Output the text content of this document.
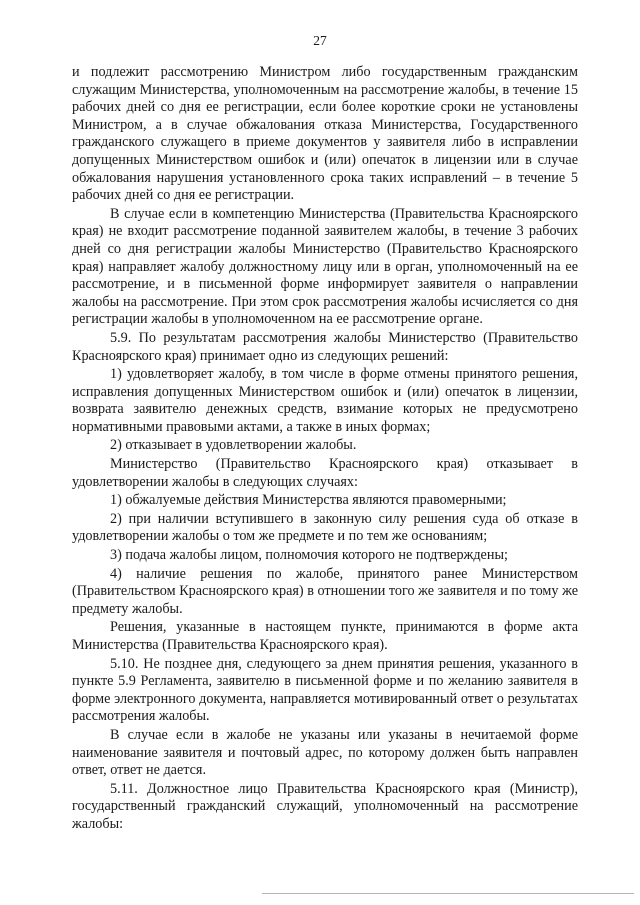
27

и подлежит рассмотрению Министром либо государственным гражданским служащим Министерства, уполномоченным на рассмотрение жалобы, в течение 15 рабочих дней со дня ее регистрации, если более короткие сроки не установлены Министром, а в случае обжалования отказа Министерства, Государственного гражданского служащего в приеме документов у заявителя либо в исправлении допущенных Министерством ошибок и (или) опечаток в лицензии или в случае обжалования нарушения установленного срока таких исправлений – в течение 5 рабочих дней со дня ее регистрации.

В случае если в компетенцию Министерства (Правительства Красноярского края) не входит рассмотрение поданной заявителем жалобы, в течение 3 рабочих дней со дня регистрации жалобы Министерство (Правительство Красноярского края) направляет жалобу должностному лицу или в орган, уполномоченный на ее рассмотрение, и в письменной форме информирует заявителя о направлении жалобы на рассмотрение. При этом срок рассмотрения жалобы исчисляется со дня регистрации жалобы в уполномоченном на ее рассмотрение органе.

5.9. По результатам рассмотрения жалобы Министерство (Правительство Красноярского края) принимает одно из следующих решений:

1) удовлетворяет жалобу, в том числе в форме отмены принятого решения, исправления допущенных Министерством ошибок и (или) опечаток в лицензии, возврата заявителю денежных средств, взимание которых не предусмотрено нормативными правовыми актами, а также в иных формах;

2) отказывает в удовлетворении жалобы.

Министерство (Правительство Красноярского края) отказывает в удовлетворении жалобы в следующих случаях:

1) обжалуемые действия Министерства являются правомерными;

2) при наличии вступившего в законную силу решения суда об отказе в удовлетворении жалобы о том же предмете и по тем же основаниям;

3) подача жалобы лицом, полномочия которого не подтверждены;

4) наличие решения по жалобе, принятого ранее Министерством (Правительством Красноярского края) в отношении того же заявителя и по тому же предмету жалобы.

Решения, указанные в настоящем пункте, принимаются в форме акта Министерства (Правительства Красноярского края).

5.10. Не позднее дня, следующего за днем принятия решения, указанного в пункте 5.9 Регламента, заявителю в письменной форме и по желанию заявителя в форме электронного документа, направляется мотивированный ответ о результатах рассмотрения жалобы.

В случае если в жалобе не указаны или указаны в нечитаемой форме наименование заявителя и почтовый адрес, по которому должен быть направлен ответ, ответ не дается.

5.11. Должностное лицо Правительства Красноярского края (Министр), государственный гражданский служащий, уполномоченный на рассмотрение жалобы:
